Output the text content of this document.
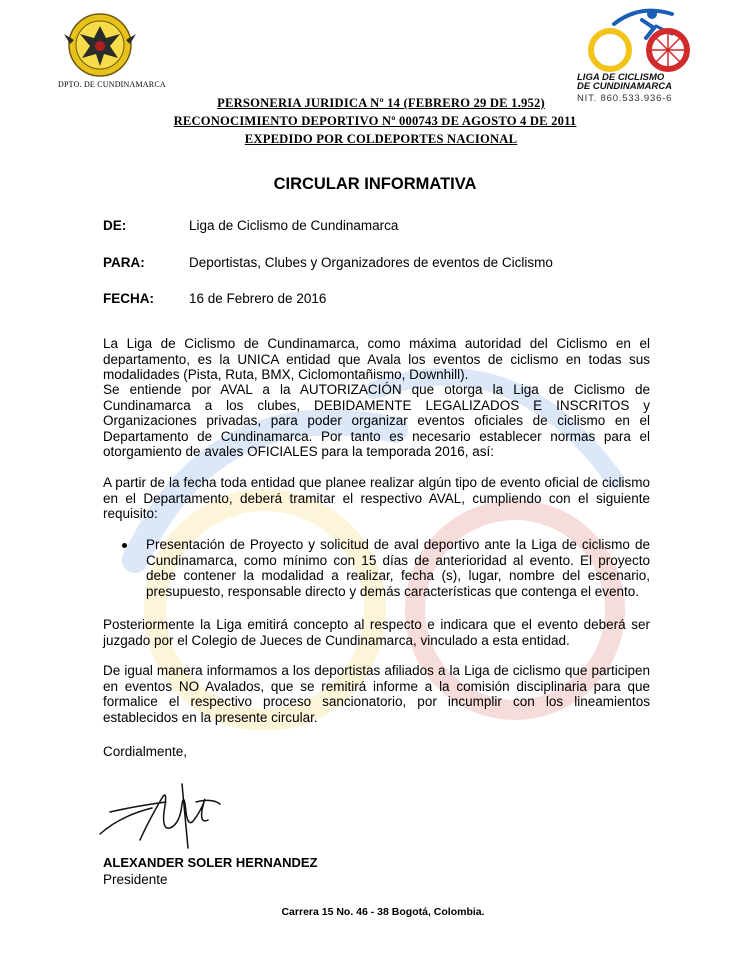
DPTO. DE CUNDINAMARCA
LIGA DE CICLISMO
DE CUNDINAMARCA
NIT. 860.533.936-6
PERSONERIA JURIDICA Nº 14 (FEBRERO 29 DE 1.952)
RECONOCIMIENTO DEPORTIVO Nº 000743 DE AGOSTO 4 DE 2011
EXPEDIDO POR COLDEPORTES NACIONAL
CIRCULAR INFORMATIVA
DE:	Liga de Ciclismo de Cundinamarca
PARA:	Deportistas, Clubes y Organizadores de eventos de Ciclismo
FECHA:	16 de Febrero de 2016
La Liga de Ciclismo de Cundinamarca, como máxima autoridad del Ciclismo en el departamento, es la UNICA entidad que Avala los eventos de ciclismo en todas sus modalidades (Pista, Ruta, BMX, Ciclomontañismo, Downhill).
Se entiende por AVAL a la AUTORIZACIÓN que otorga la Liga de Ciclismo de Cundinamarca a los clubes, DEBIDAMENTE LEGALIZADOS E INSCRITOS y Organizaciones privadas, para poder organizar eventos oficiales de ciclismo en el Departamento de Cundinamarca. Por tanto es necesario establecer normas para el otorgamiento de avales OFICIALES para la temporada 2016, así:
A partir de la fecha toda entidad que planee realizar algún tipo de evento oficial de ciclismo en el Departamento, deberá tramitar el respectivo AVAL, cumpliendo con el siguiente requisito:
Presentación de Proyecto y solicitud de aval deportivo ante la Liga de ciclismo de Cundinamarca, como mínimo con 15 días de anterioridad al evento. El proyecto debe contener la modalidad a realizar, fecha (s), lugar, nombre del escenario, presupuesto, responsable directo y demás características que contenga el evento.
Posteriormente la Liga emitirá concepto al respecto e indicara que el evento deberá ser juzgado por el Colegio de Jueces de Cundinamarca, vinculado a esta entidad.
De igual manera informamos a los deportistas afiliados a la Liga de ciclismo que participen en eventos NO Avalados, que se remitirá informe a la comisión disciplinaria para que formalice el respectivo proceso sancionatorio, por incumplir con los lineamientos establecidos en la presente circular.
Cordialmente,
ALEXANDER SOLER HERNANDEZ
Presidente
Carrera 15 No. 46 - 38 Bogotá, Colombia.
